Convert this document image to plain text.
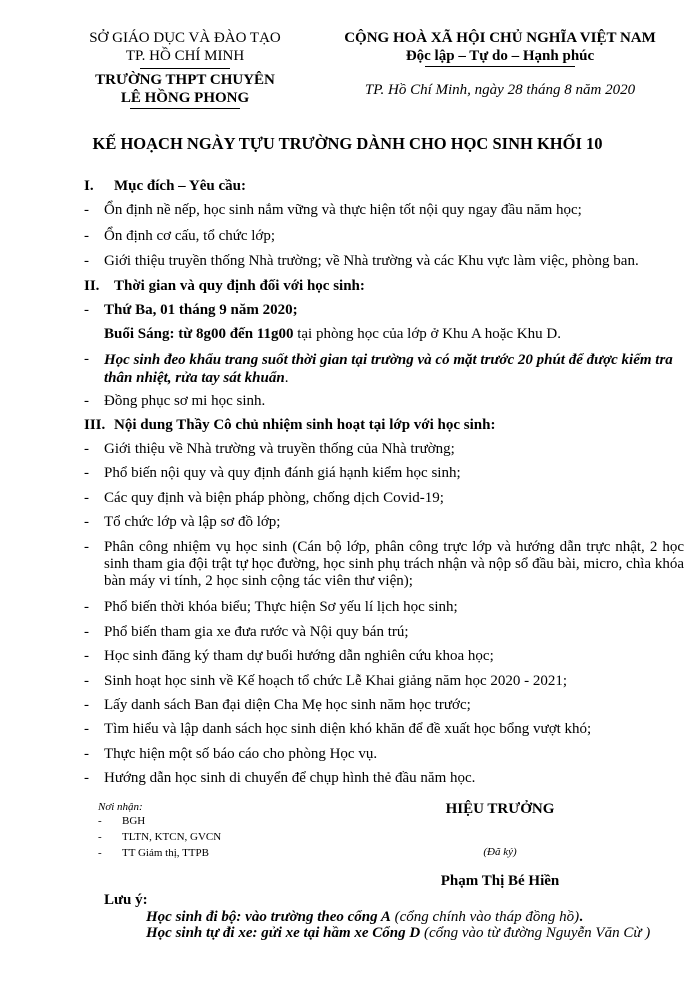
SỞ GIÁO DỤC VÀ ĐÀO TẠO
TP. HỒ CHÍ MINH
TRƯỜNG THPT CHUYÊN
LÊ HỒNG PHONG
CỘNG HOÀ XÃ HỘI CHỦ NGHĨA VIỆT NAM
Độc lập – Tự do – Hạnh phúc
TP. Hồ Chí Minh, ngày 28 tháng 8 năm 2020
KẾ HOẠCH NGÀY TỰU TRƯỜNG DÀNH CHO HỌC SINH KHỐI 10
I. Mục đích – Yêu cầu:
- Ổn định nề nếp, học sinh nắm vững và thực hiện tốt nội quy ngay đầu năm học;
- Ổn định cơ cấu, tổ chức lớp;
- Giới thiệu truyền thống Nhà trường; về Nhà trường và các Khu vực làm việc, phòng ban.
II. Thời gian và quy định đối với học sinh:
- Thứ Ba, 01 tháng 9 năm 2020;
Buổi Sáng: từ 8g00 đến 11g00 tại phòng học của lớp ở Khu A hoặc Khu D.
- Học sinh đeo khẩu trang suốt thời gian tại trường và có mặt trước 20 phút để được kiểm tra thân nhiệt, rửa tay sát khuẩn.
- Đồng phục sơ mi học sinh.
III. Nội dung Thầy Cô chủ nhiệm sinh hoạt tại lớp với học sinh:
- Giới thiệu về Nhà trường và truyền thống của Nhà trường;
- Phổ biến nội quy và quy định đánh giá hạnh kiểm học sinh;
- Các quy định và biện pháp phòng, chống dịch Covid-19;
- Tổ chức lớp và lập sơ đồ lớp;
- Phân công nhiệm vụ học sinh (Cán bộ lớp, phân công trực lớp và hướng dẫn trực nhật, 2 học sinh tham gia đội trật tự học đường, học sinh phụ trách nhận và nộp sổ đầu bài, micro, chìa khóa bàn máy vi tính, 2 học sinh cộng tác viên thư viện);
- Phổ biến thời khóa biểu; Thực hiện Sơ yếu lí lịch học sinh;
- Phổ biến tham gia xe đưa rước và Nội quy bán trú;
- Học sinh đăng ký tham dự buổi hướng dẫn nghiên cứu khoa học;
- Sinh hoạt học sinh về Kế hoạch tổ chức Lễ Khai giảng năm học 2020 - 2021;
- Lấy danh sách Ban đại diện Cha Mẹ học sinh năm học trước;
- Tìm hiểu và lập danh sách học sinh diện khó khăn để đề xuất học bổng vượt khó;
- Thực hiện một số báo cáo cho phòng Học vụ.
- Hướng dẫn học sinh di chuyển để chụp hình thẻ đầu năm học.
Nơi nhận:
- BGH
- TLTN, KTCN, GVCN
- TT Giám thị, TTPB
HIỆU TRƯỞNG
(Đã ký)
Phạm Thị Bé Hiền
Lưu ý:
Học sinh đi bộ: vào trường theo cổng A (cổng chính vào tháp đồng hồ).
Học sinh tự đi xe: gửi xe tại hầm xe Cổng D (cổng vào từ đường Nguyễn Văn Cừ )
